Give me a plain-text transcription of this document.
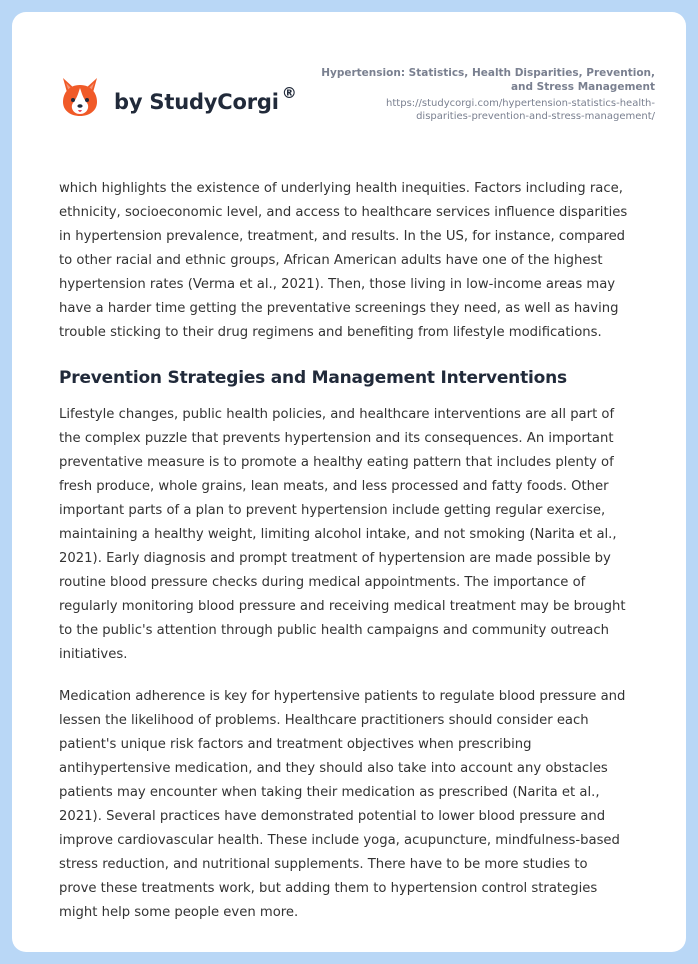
by StudyCorgi ®
Hypertension: Statistics, Health Disparities, Prevention,
and Stress Management
https://studycorgi.com/hypertension-statistics-health-
disparities-prevention-and-stress-management/

which highlights the existence of underlying health inequities. Factors including race,
ethnicity, socioeconomic level, and access to healthcare services influence disparities
in hypertension prevalence, treatment, and results. In the US, for instance, compared
to other racial and ethnic groups, African American adults have one of the highest
hypertension rates (Verma et al., 2021). Then, those living in low-income areas may
have a harder time getting the preventative screenings they need, as well as having
trouble sticking to their drug regimens and benefiting from lifestyle modifications.

Prevention Strategies and Management Interventions

Lifestyle changes, public health policies, and healthcare interventions are all part of
the complex puzzle that prevents hypertension and its consequences. An important
preventative measure is to promote a healthy eating pattern that includes plenty of
fresh produce, whole grains, lean meats, and less processed and fatty foods. Other
important parts of a plan to prevent hypertension include getting regular exercise,
maintaining a healthy weight, limiting alcohol intake, and not smoking (Narita et al.,
2021). Early diagnosis and prompt treatment of hypertension are made possible by
routine blood pressure checks during medical appointments. The importance of
regularly monitoring blood pressure and receiving medical treatment may be brought
to the public's attention through public health campaigns and community outreach
initiatives.

Medication adherence is key for hypertensive patients to regulate blood pressure and
lessen the likelihood of problems. Healthcare practitioners should consider each
patient's unique risk factors and treatment objectives when prescribing
antihypertensive medication, and they should also take into account any obstacles
patients may encounter when taking their medication as prescribed (Narita et al.,
2021). Several practices have demonstrated potential to lower blood pressure and
improve cardiovascular health. These include yoga, acupuncture, mindfulness-based
stress reduction, and nutritional supplements. There have to be more studies to
prove these treatments work, but adding them to hypertension control strategies
might help some people even more.
